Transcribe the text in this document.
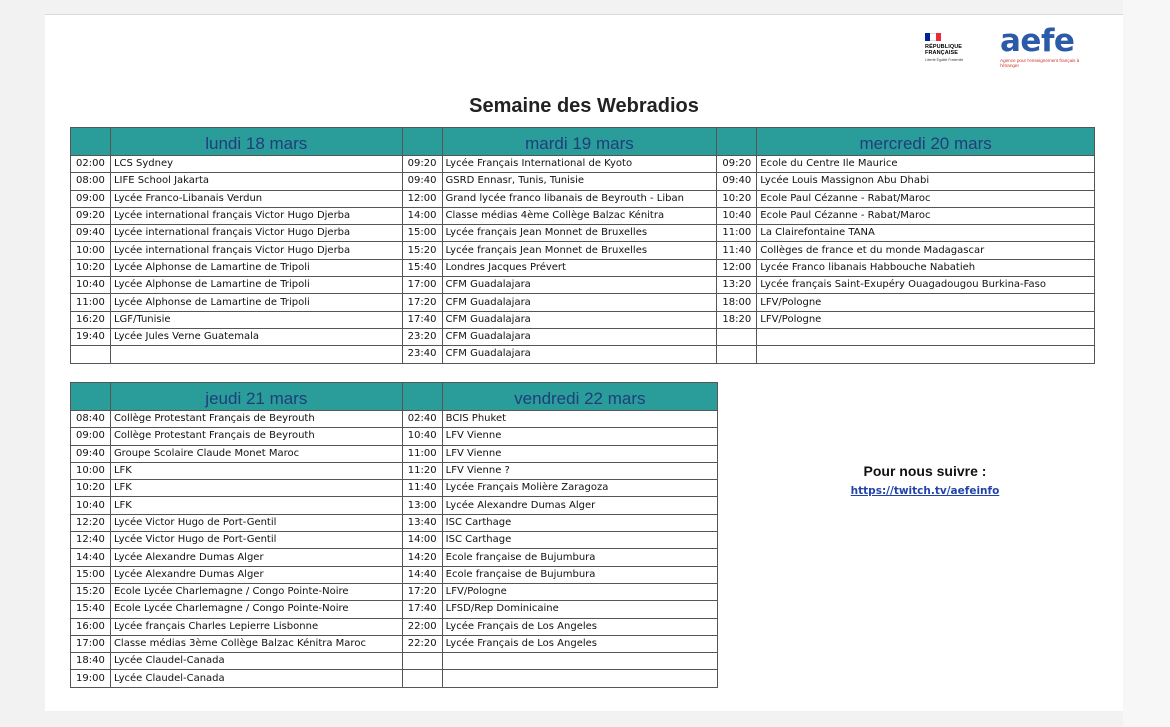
RÉPUBLIQUE FRANÇAISE
Liberté Égalité Fraternité
aefe
Agence pour l'enseignement français à l'étranger
Semaine des Webradios
	lundi 18 mars		mardi 19 mars		mercredi 20 mars
02:00	LCS Sydney	09:20	Lycée Français International de Kyoto	09:20	Ecole du Centre Ile Maurice
08:00	LIFE School Jakarta	09:40	GSRD Ennasr, Tunis, Tunisie	09:40	Lycée Louis Massignon Abu Dhabi
09:00	Lycée Franco-Libanais Verdun	12:00	Grand lycée franco libanais de Beyrouth - Liban	10:20	Ecole Paul Cézanne - Rabat/Maroc
09:20	Lycée international français Victor Hugo Djerba	14:00	Classe médias 4ème Collège Balzac Kénitra	10:40	Ecole Paul Cézanne - Rabat/Maroc
09:40	Lycée international français Victor Hugo Djerba	15:00	Lycée français Jean Monnet de Bruxelles	11:00	La Clairefontaine TANA
10:00	Lycée international français Victor Hugo Djerba	15:20	Lycée français Jean Monnet de Bruxelles	11:40	Collèges de france et du monde Madagascar
10:20	Lycée Alphonse de Lamartine de Tripoli	15:40	Londres Jacques Prévert	12:00	Lycée Franco libanais Habbouche Nabatieh
10:40	Lycée Alphonse de Lamartine de Tripoli	17:00	CFM Guadalajara	13:20	Lycée français Saint-Exupéry Ouagadougou Burkina-Faso
11:00	Lycée Alphonse de Lamartine de Tripoli	17:20	CFM Guadalajara	18:00	LFV/Pologne
16:20	LGF/Tunisie	17:40	CFM Guadalajara	18:20	LFV/Pologne
19:40	Lycée Jules Verne Guatemala	23:20	CFM Guadalajara		
		23:40	CFM Guadalajara		
	jeudi 21 mars		vendredi 22 mars
08:40	Collège Protestant Français de Beyrouth	02:40	BCIS Phuket
09:00	Collège Protestant Français de Beyrouth	10:40	LFV Vienne
09:40	Groupe Scolaire Claude Monet Maroc	11:00	LFV Vienne
10:00	LFK	11:20	LFV Vienne ?
10:20	LFK	11:40	Lycée Français Molière Zaragoza
10:40	LFK	13:00	Lycée Alexandre Dumas Alger
12:20	Lycée Victor Hugo de Port-Gentil	13:40	ISC Carthage
12:40	Lycée Victor Hugo de Port-Gentil	14:00	ISC Carthage
14:40	Lycée Alexandre Dumas Alger	14:20	Ecole française de Bujumbura
15:00	Lycée Alexandre Dumas Alger	14:40	Ecole française de Bujumbura
15:20	Ecole Lycée Charlemagne / Congo Pointe-Noire	17:20	LFV/Pologne
15:40	Ecole Lycée Charlemagne / Congo Pointe-Noire	17:40	LFSD/Rep Dominicaine
16:00	Lycée français Charles Lepierre Lisbonne	22:00	Lycée Français de Los Angeles
17:00	Classe médias 3ème Collège Balzac Kénitra Maroc	22:20	Lycée Français de Los Angeles
18:40	Lycée Claudel-Canada		
19:00	Lycée Claudel-Canada		
Pour nous suivre :
https://twitch.tv/aefeinfo
